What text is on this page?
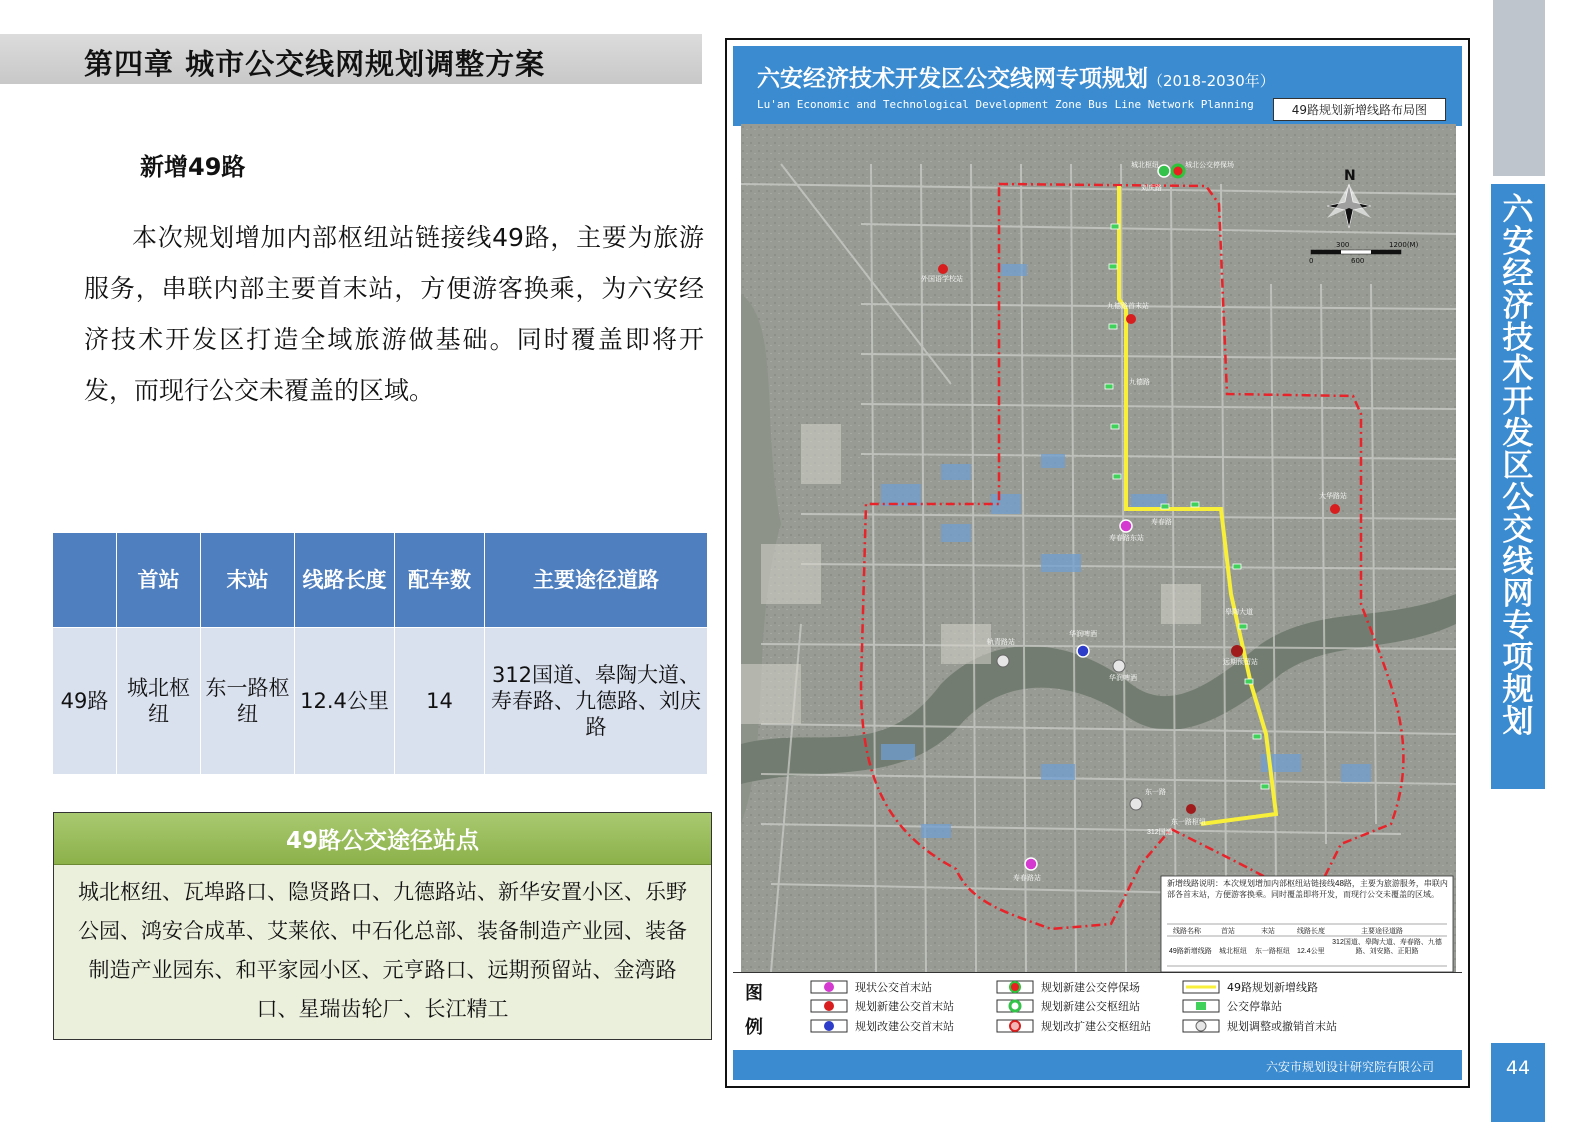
第四章 城市公交线网规划调整方案
新增49路

本次规划增加内部枢纽站链接线49路，主要为旅游服务，串联内部主要首末站，方便游客换乘，为六安经济技术开发区打造全域旅游做基础。同时覆盖即将开发，而现行公交未覆盖的区域。

	首站	末站	线路长度	配车数	主要途径道路
49路	城北枢纽	东一路枢纽	12.4公里	14	312国道、皋陶大道、寿春路、九德路、刘庆路
49路公交途径站点
城北枢纽、瓦埠路口、隐贤路口、九德路站、新华安置小区、乐野公园、鸿安合成革、艾莱依、中石化总部、装备制造产业园、装备制造产业园东、和平家园小区、元亨路口、远期预留站、金湾路口、星瑞齿轮厂、长江精工
六安经济技术开发区公交线网专项规划（2018-2030年）
Lu'an Economic and Technological Development Zone Bus Line Network Planning	49路规划新增线路布局图
城北枢纽	城北公交停保场
刘庆路
外国语学校站
九德路首末站
九德路
寿春路东站
寿春路
大华路站
皋陶大道
远期预留站
轨青路站
华润啤酒
华润啤酒
东一路枢纽
东一路
寿春路站
312国道
N
300	1200(M)
0	600
新增线路说明：本次规划增加内部枢纽站链接线48路，主要为旅游服务，串联内部各首末站，方便游客换乘。同时覆盖即将开发，而现行公交未覆盖的区域。
线路名称	首站	末站	线路长度	主要途径道路
49路新增线路 城北枢纽 东一路枢纽 12.4公里
312国道、皋陶大道、寿春路、九德路、刘安路、正阳路
图
例
现状公交首末站
规划新建公交首末站
规划改建公交首末站
规划新建公交停保场
规划新建公交枢纽站
规划改扩建公交枢纽站
49路规划新增线路
公交停靠站
规划调整或撤销首末站
六安市规划设计研究院有限公司
六安经济技术开发区公交线网专项规划
44
